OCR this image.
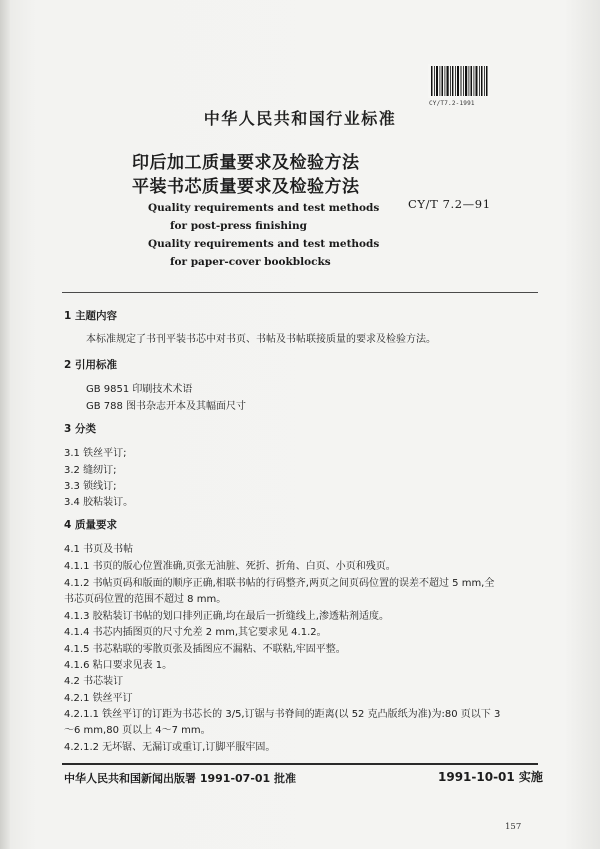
CY/T7.2-1991
中华人民共和国行业标准
印后加工质量要求及检验方法
平装书芯质量要求及检验方法
CY/T 7.2—91
Quality requirements and test methods
for post-press finishing
Quality requirements and test methods
for paper-cover bookblocks
1 主题内容
本标准规定了书刊平装书芯中对书页、书帖及书帖联接质量的要求及检验方法。
2 引用标准
GB 9851 印刷技术术语
GB 788 图书杂志开本及其幅面尺寸
3 分类
3.1 铁丝平订;
3.2 缝纫订;
3.3 锁线订;
3.4 胶粘装订。
4 质量要求
4.1 书页及书帖
4.1.1 书页的版心位置准确,页张无油脏、死折、折角、白页、小页和残页。
4.1.2 书帖页码和版面的顺序正确,相联书帖的行码整齐,两页之间页码位置的误差不超过 5 mm,全
书芯页码位置的范围不超过 8 mm。
4.1.3 胶粘装订书帖的划口排列正确,均在最后一折缝线上,渗透粘剂适度。
4.1.4 书芯内插图页的尺寸允差 2 mm,其它要求见 4.1.2。
4.1.5 书芯粘联的零散页张及插图应不漏粘、不联粘,牢固平整。
4.1.6 粘口要求见表 1。
4.2 书芯装订
4.2.1 铁丝平订
4.2.1.1 铁丝平订的订距为书芯长的 3/5,订锯与书脊间的距离(以 52 克凸版纸为准)为:80 页以下 3
～6 mm,80 页以上 4～7 mm。
4.2.1.2 无坏锯、无漏订或重订,订脚平服牢固。
中华人民共和国新闻出版署 1991-07-01 批准	1991-10-01 实施
157
